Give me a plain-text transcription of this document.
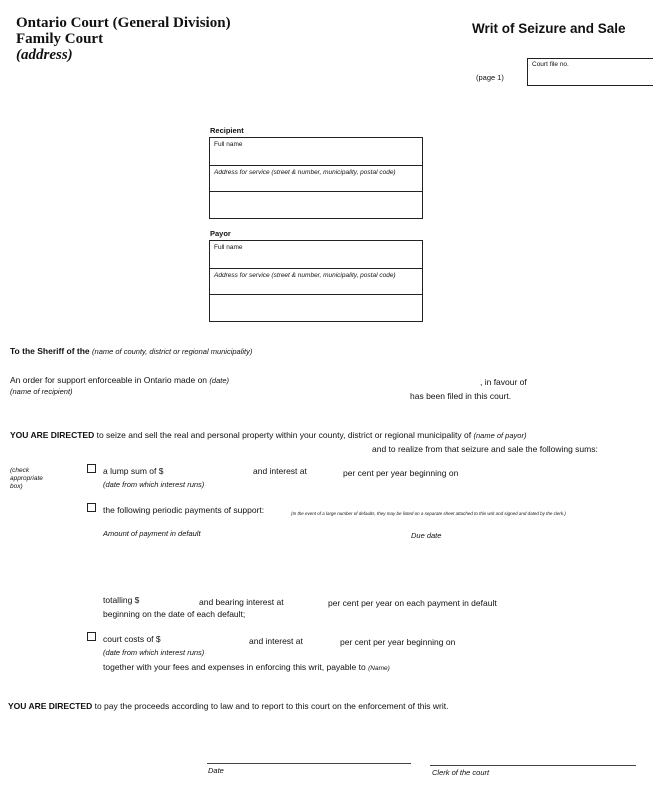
Ontario Court (General Division)
Family Court
(address)
Writ of Seizure and Sale
(page 1)
Court file no.
Recipient
Full name
Address for service (street & number, municipality, postal code)
Payor
Full name
Address for service (street & number, municipality, postal code)
To the Sheriff of the (name of county, district or regional municipality)
An order for support enforceable in Ontario made on (date)	, in favour of
(name of recipient)	has been filed in this court.
YOU ARE DIRECTED to seize and sell the real and personal property within your county, district or regional municipality of (name of payor)
and to realize from that seizure and sale the following sums:
(check
appropriate
box)
a lump sum of $	and interest at	per cent per year beginning on
(date from which interest runs)
the following periodic payments of support:	(In the event of a large number of defaults, they may be listed on a separate sheet attached to this writ and signed and dated by the clerk.)
Amount of payment in default	Due date
totalling $	and bearing interest at	per cent per year on each payment in default
beginning on the date of each default;
court costs of $	and interest at	per cent per year beginning on
(date from which interest runs)
together with your fees and expenses in enforcing this writ, payable to (Name)
YOU ARE DIRECTED to pay the proceeds according to law and to report to this court on the enforcement of this writ.
Date	Clerk of the court
